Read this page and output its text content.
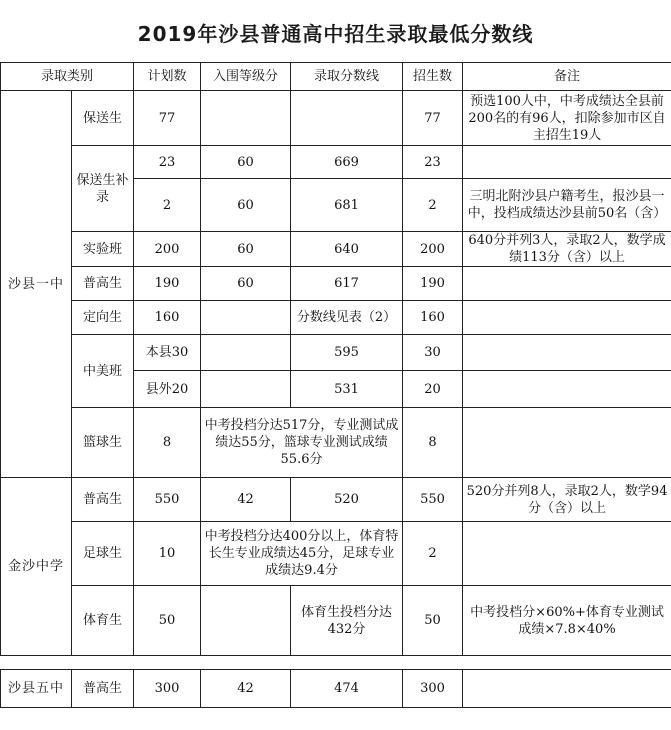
2019年沙县普通高中招生录取最低分数线
录取类别		计划数	入围等级分	录取分数线	招生数	备注
沙县一中	保送生	77			77	预选100人中，中考成绩达全县前200名的有96人，扣除参加市区自主招生19人
	保送生补录	23	60	669	23	
		2	60	681	2	三明北附沙县户籍考生，报沙县一中，投档成绩达沙县前50名（含）
	实验班	200	60	640	200	640分并列3人，录取2人，数学成绩113分（含）以上
	普高生	190	60	617	190	
	定向生	160		分数线见表（2）	160	
	中美班	本县30		595	30	
		县外20		531	20	
	篮球生	8	中考投档分达517分，专业测试成绩达55分，篮球专业测试成绩55.6分		8	
金沙中学	普高生	550	42	520	550	520分并列8人，录取2人，数学94分（含）以上
	足球生	10	中考投档分达400分以上，体育特长生专业成绩达45分，足球专业成绩达9.4分		2	
	体育生	50		体育生投档分达432分	50	中考投档分×60%+体育专业测试成绩×7.8×40%

沙县五中	普高生	300	42	474	300	
